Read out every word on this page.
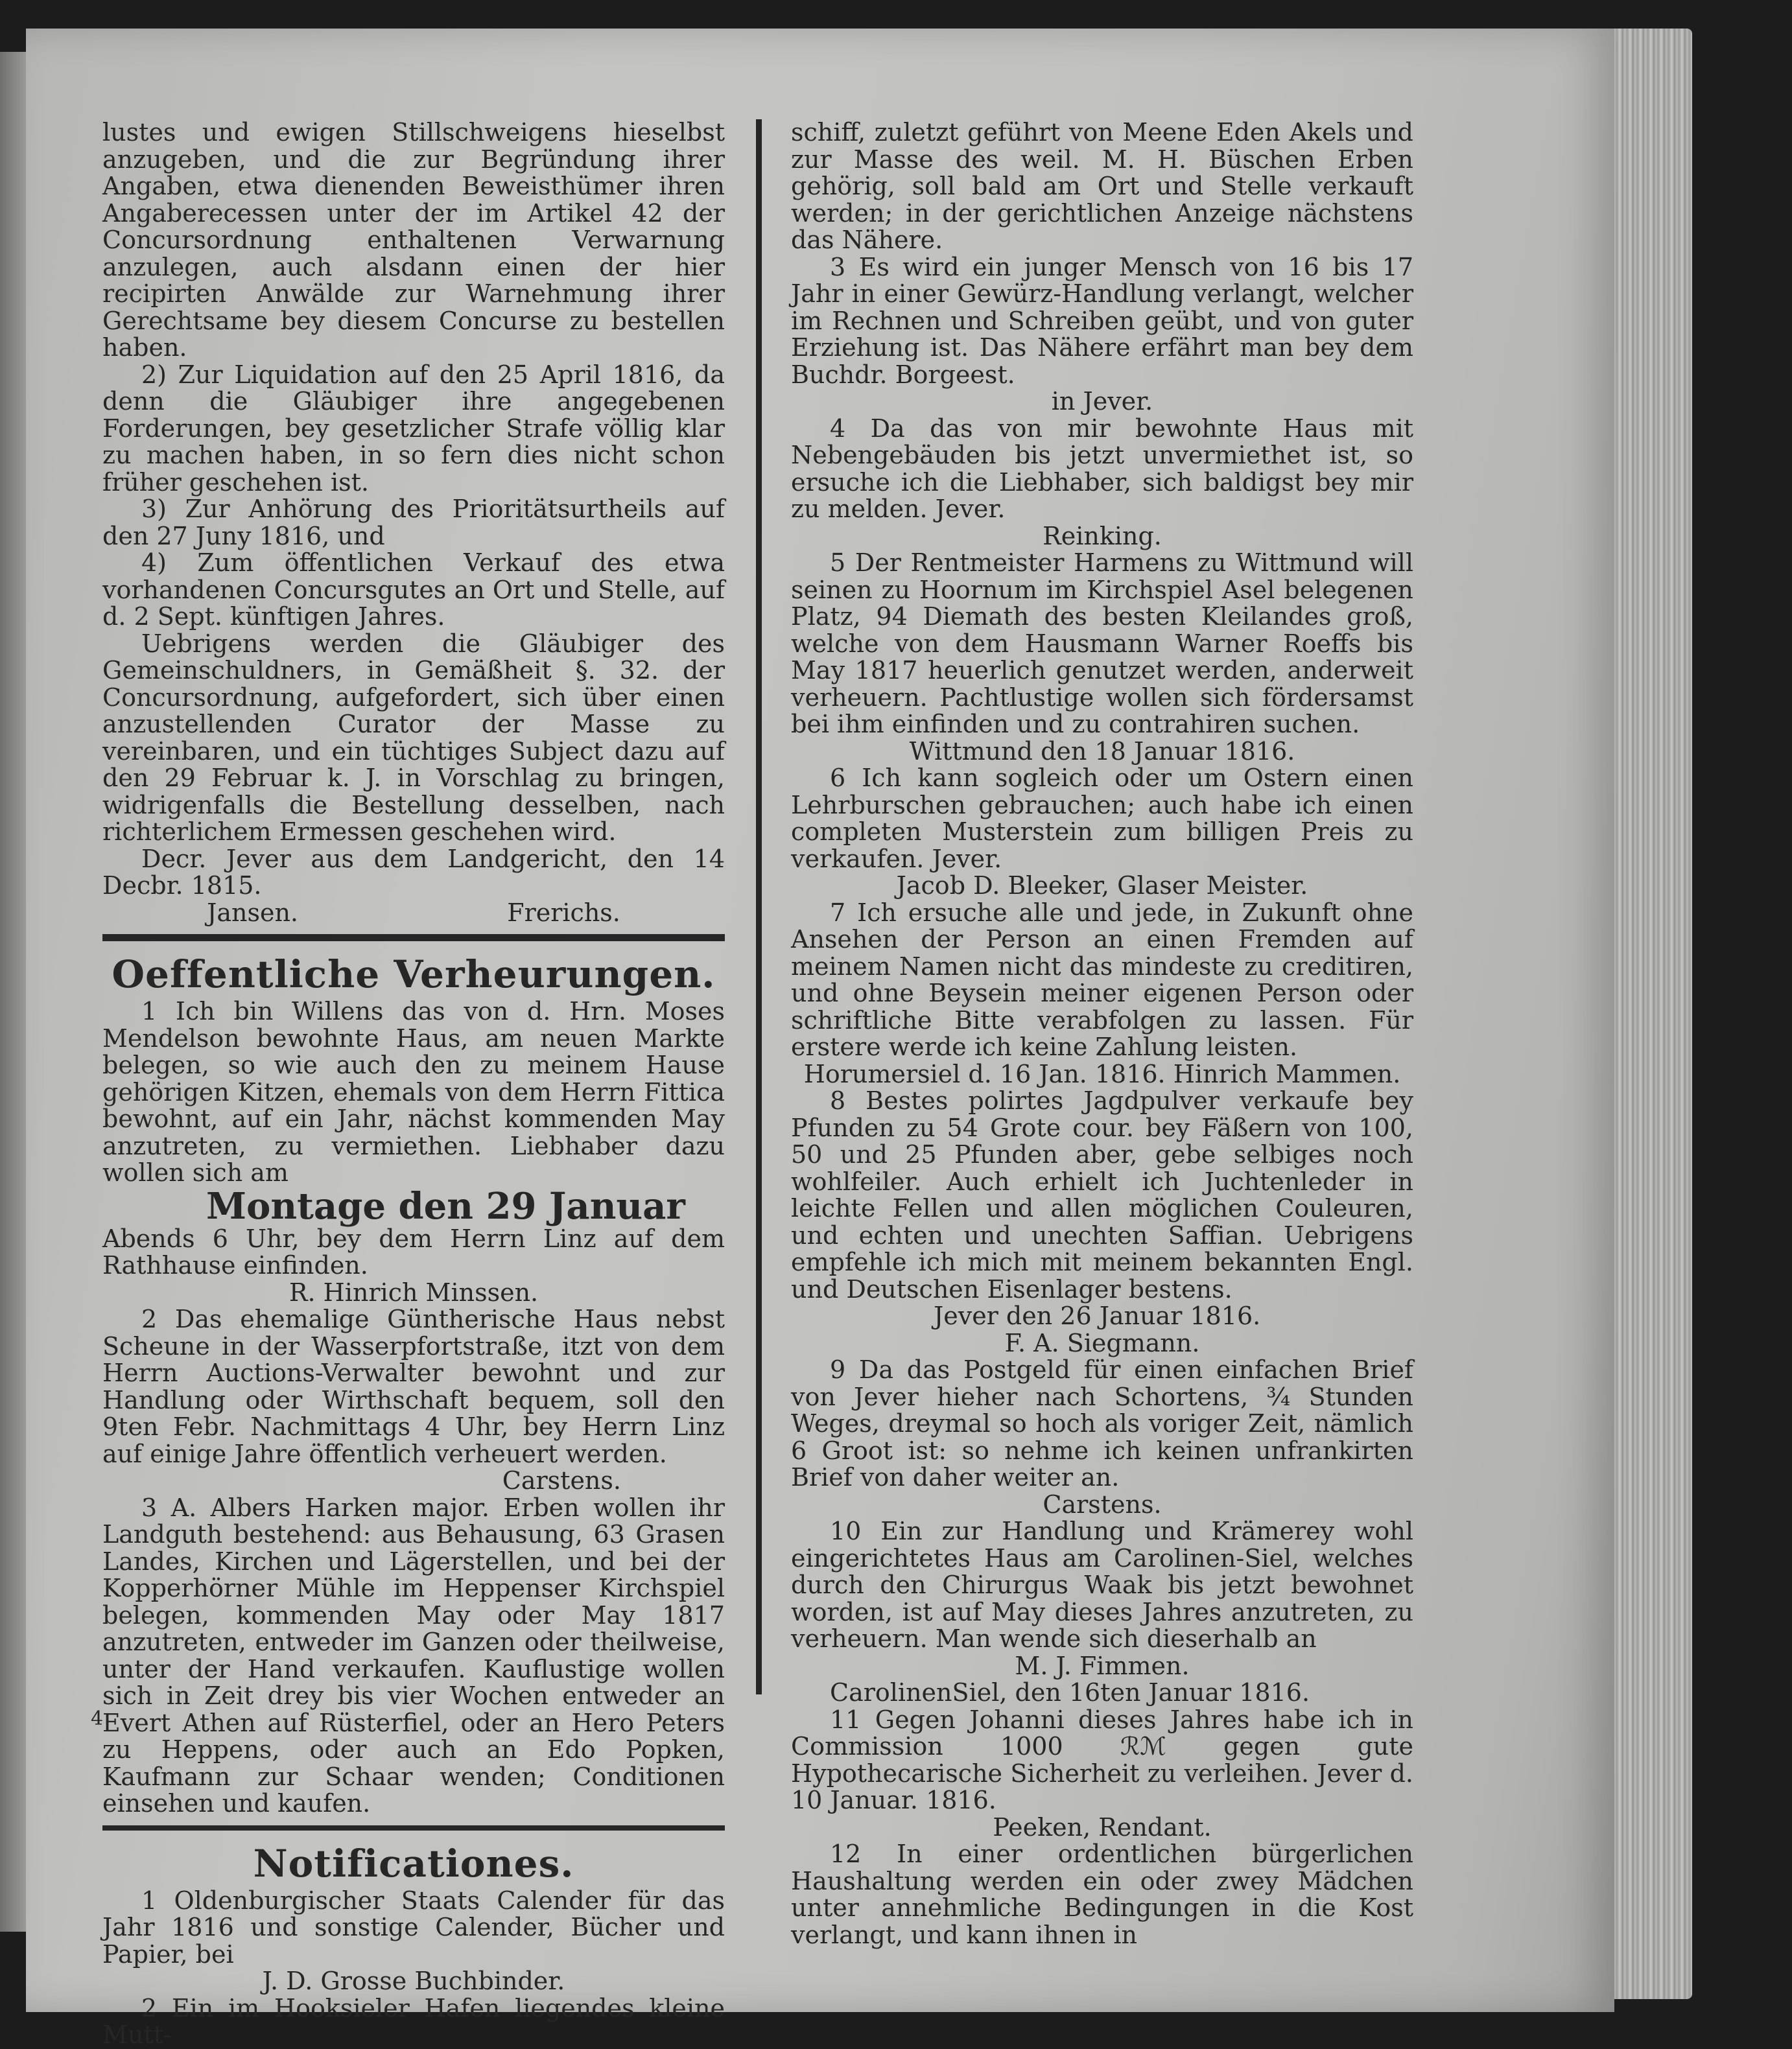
lustes und ewigen Stillschweigens hieselbst anzugeben, und die zur Begründung ihrer Angaben, etwa dienenden Beweisthümer ihren Angaberecessen unter der im Artikel 42 der Concursordnung enthaltenen Verwarnung anzulegen, auch alsdann einen der hier recipirten Anwälde zur Warnehmung ihrer Gerechtsame bey diesem Concurse zu bestellen haben.

2) Zur Liquidation auf den 25 April 1816, da denn die Gläubiger ihre angegebenen Forderungen, bey gesetzlicher Strafe völlig klar zu machen haben, in so fern dies nicht schon früher geschehen ist.

3) Zur Anhörung des Prioritätsurtheils auf den 27 Juny 1816, und

4) Zum öffentlichen Verkauf des etwa vorhandenen Concursgutes an Ort und Stelle, auf d. 2 Sept. künftigen Jahres.

Uebrigens werden die Gläubiger des Gemeinschuldners, in Gemäßheit §. 32. der Concursordnung, aufgefordert, sich über einen anzustellenden Curator der Masse zu vereinbaren, und ein tüchtiges Subject dazu auf den 29 Februar k. J. in Vorschlag zu bringen, widrigenfalls die Bestellung desselben, nach richterlichem Ermessen geschehen wird.

Decr. Jever aus dem Landgericht, den 14 Decbr. 1815.

Jansen.	Frerichs.
Oeffentliche Verheurungen.

1 Ich bin Willens das von d. Hrn. Moses Mendelson bewohnte Haus, am neuen Markte belegen, so wie auch den zu meinem Hause gehörigen Kitzen, ehemals von dem Herrn Fittica bewohnt, auf ein Jahr, nächst kommenden May anzutreten, zu vermiethen. Liebhaber dazu wollen sich am

Montage den 29 Januar

Abends 6 Uhr, bey dem Herrn Linz auf dem Rathhause einfinden.

R. Hinrich Minssen.

2 Das ehemalige Güntherische Haus nebst Scheune in der Wasserpfortstraße, itzt von dem Herrn Auctions-Verwalter bewohnt und zur Handlung oder Wirthschaft bequem, soll den 9ten Febr. Nachmittags 4 Uhr, bey Herrn Linz auf einige Jahre öffentlich verheuert werden.

Carstens.

3 A. Albers Harken major. Erben wollen ihr Landguth bestehend: aus Behausung, 63 Grasen Landes, Kirchen und Lägerstellen, und bei der Kopperhörner Mühle im Heppenser Kirchspiel belegen, kommenden May oder May 1817 anzutreten, entweder im Ganzen oder theilweise, unter der Hand verkaufen. Kauflustige wollen sich in Zeit drey bis vier Wochen entweder an Evert Athen auf Rüsterfiel, oder an Hero Peters zu Heppens, oder auch an Edo Popken, Kaufmann zur Schaar wenden; Conditionen einsehen und kaufen.

Notificationes.

1 Oldenburgischer Staats Calender für das Jahr 1816 und sonstige Calender, Bücher und Papier, bei

J. D. Grosse Buchbinder.

2 Ein im Hooksieler Hafen liegendes kleine Mutt-

schiff, zuletzt geführt von Meene Eden Akels und zur Masse des weil. M. H. Büschen Erben gehörig, soll bald am Ort und Stelle verkauft werden; in der gerichtlichen Anzeige nächstens das Nähere.

3 Es wird ein junger Mensch von 16 bis 17 Jahr in einer Gewürz-Handlung verlangt, welcher im Rechnen und Schreiben geübt, und von guter Erziehung ist. Das Nähere erfährt man bey dem Buchdr. Borgeest.

in Jever.

4 Da das von mir bewohnte Haus mit Nebengebäuden bis jetzt unvermiethet ist, so ersuche ich die Liebhaber, sich baldigst bey mir zu melden. Jever.

Reinking.

5 Der Rentmeister Harmens zu Wittmund will seinen zu Hoornum im Kirchspiel Asel belegenen Platz, 94 Diemath des besten Kleilandes groß, welche von dem Hausmann Warner Roeffs bis May 1817 heuerlich genutzet werden, anderweit verheuern. Pachtlustige wollen sich fördersamst bei ihm einfinden und zu contrahiren suchen.

Wittmund den 18 Januar 1816.

6 Ich kann sogleich oder um Ostern einen Lehrburschen gebrauchen; auch habe ich einen completen Musterstein zum billigen Preis zu verkaufen. Jever.

Jacob D. Bleeker, Glaser Meister.

7 Ich ersuche alle und jede, in Zukunft ohne Ansehen der Person an einen Fremden auf meinem Namen nicht das mindeste zu creditiren, und ohne Beysein meiner eigenen Person oder schriftliche Bitte verabfolgen zu lassen. Für erstere werde ich keine Zahlung leisten.

Horumersiel d. 16 Jan. 1816. Hinrich Mammen.

8 Bestes polirtes Jagdpulver verkaufe bey Pfunden zu 54 Grote cour. bey Fäßern von 100, 50 und 25 Pfunden aber, gebe selbiges noch wohlfeiler. Auch erhielt ich Juchtenleder in leichte Fellen und allen möglichen Couleuren, und echten und unechten Saffian. Uebrigens empfehle ich mich mit meinem bekannten Engl. und Deutschen Eisenlager bestens.

Jever den 26 Januar 1816.

F. A. Siegmann.

9 Da das Postgeld für einen einfachen Brief von Jever hieher nach Schortens, ¾ Stunden Weges, dreymal so hoch als voriger Zeit, nämlich 6 Groot ist: so nehme ich keinen unfrankirten Brief von daher weiter an.

Carstens.

10 Ein zur Handlung und Krämerey wohl eingerichtetes Haus am Carolinen-Siel, welches durch den Chirurgus Waak bis jetzt bewohnet worden, ist auf May dieses Jahres anzutreten, zu verheuern. Man wende sich dieserhalb an

M. J. Fimmen.

CarolinenSiel, den 16ten Januar 1816.

11 Gegen Johanni dieses Jahres habe ich in Commission 1000 ℛℳ gegen gute Hypothecarische Sicherheit zu verleihen. Jever d. 10 Januar. 1816.

Peeken, Rendant.

12 In einer ordentlichen bürgerlichen Haushaltung werden ein oder zwey Mädchen unter annehmliche Bedingungen in die Kost verlangt, und kann ihnen in

4
